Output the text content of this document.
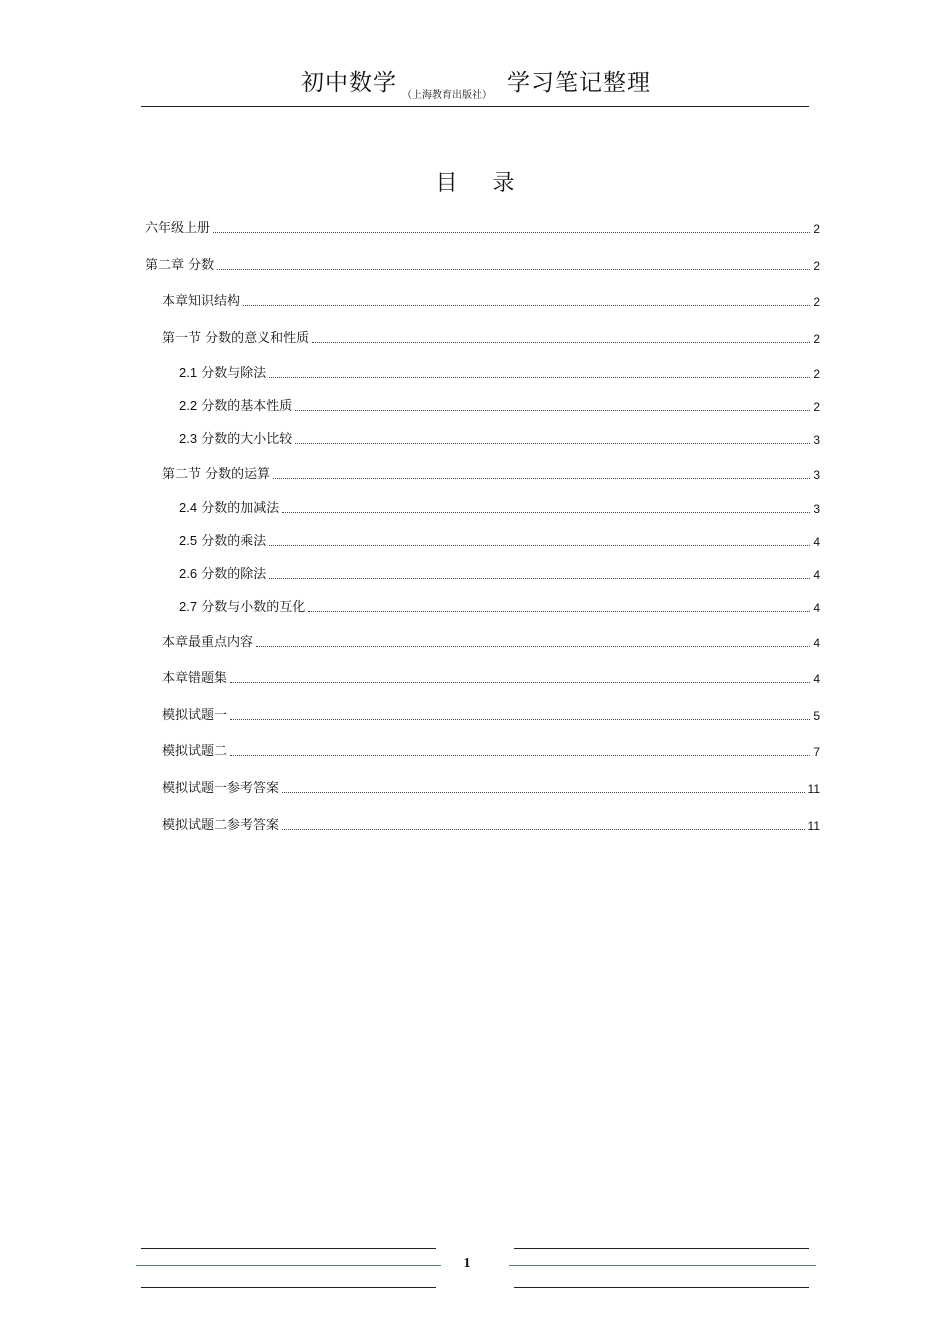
初中数学 （上海教育出版社） 学习笔记整理
目 录
六年级上册	2
第二章 分数	2
本章知识结构	2
第一节 分数的意义和性质	2
2.1 分数与除法	2
2.2 分数的基本性质	2
2.3 分数的大小比较	3
第二节 分数的运算	3
2.4 分数的加减法	3
2.5 分数的乘法	4
2.6 分数的除法	4
2.7 分数与小数的互化	4
本章最重点内容	4
本章错题集	4
模拟试题一	5
模拟试题二	7
模拟试题一参考答案	11
模拟试题二参考答案	11
1
